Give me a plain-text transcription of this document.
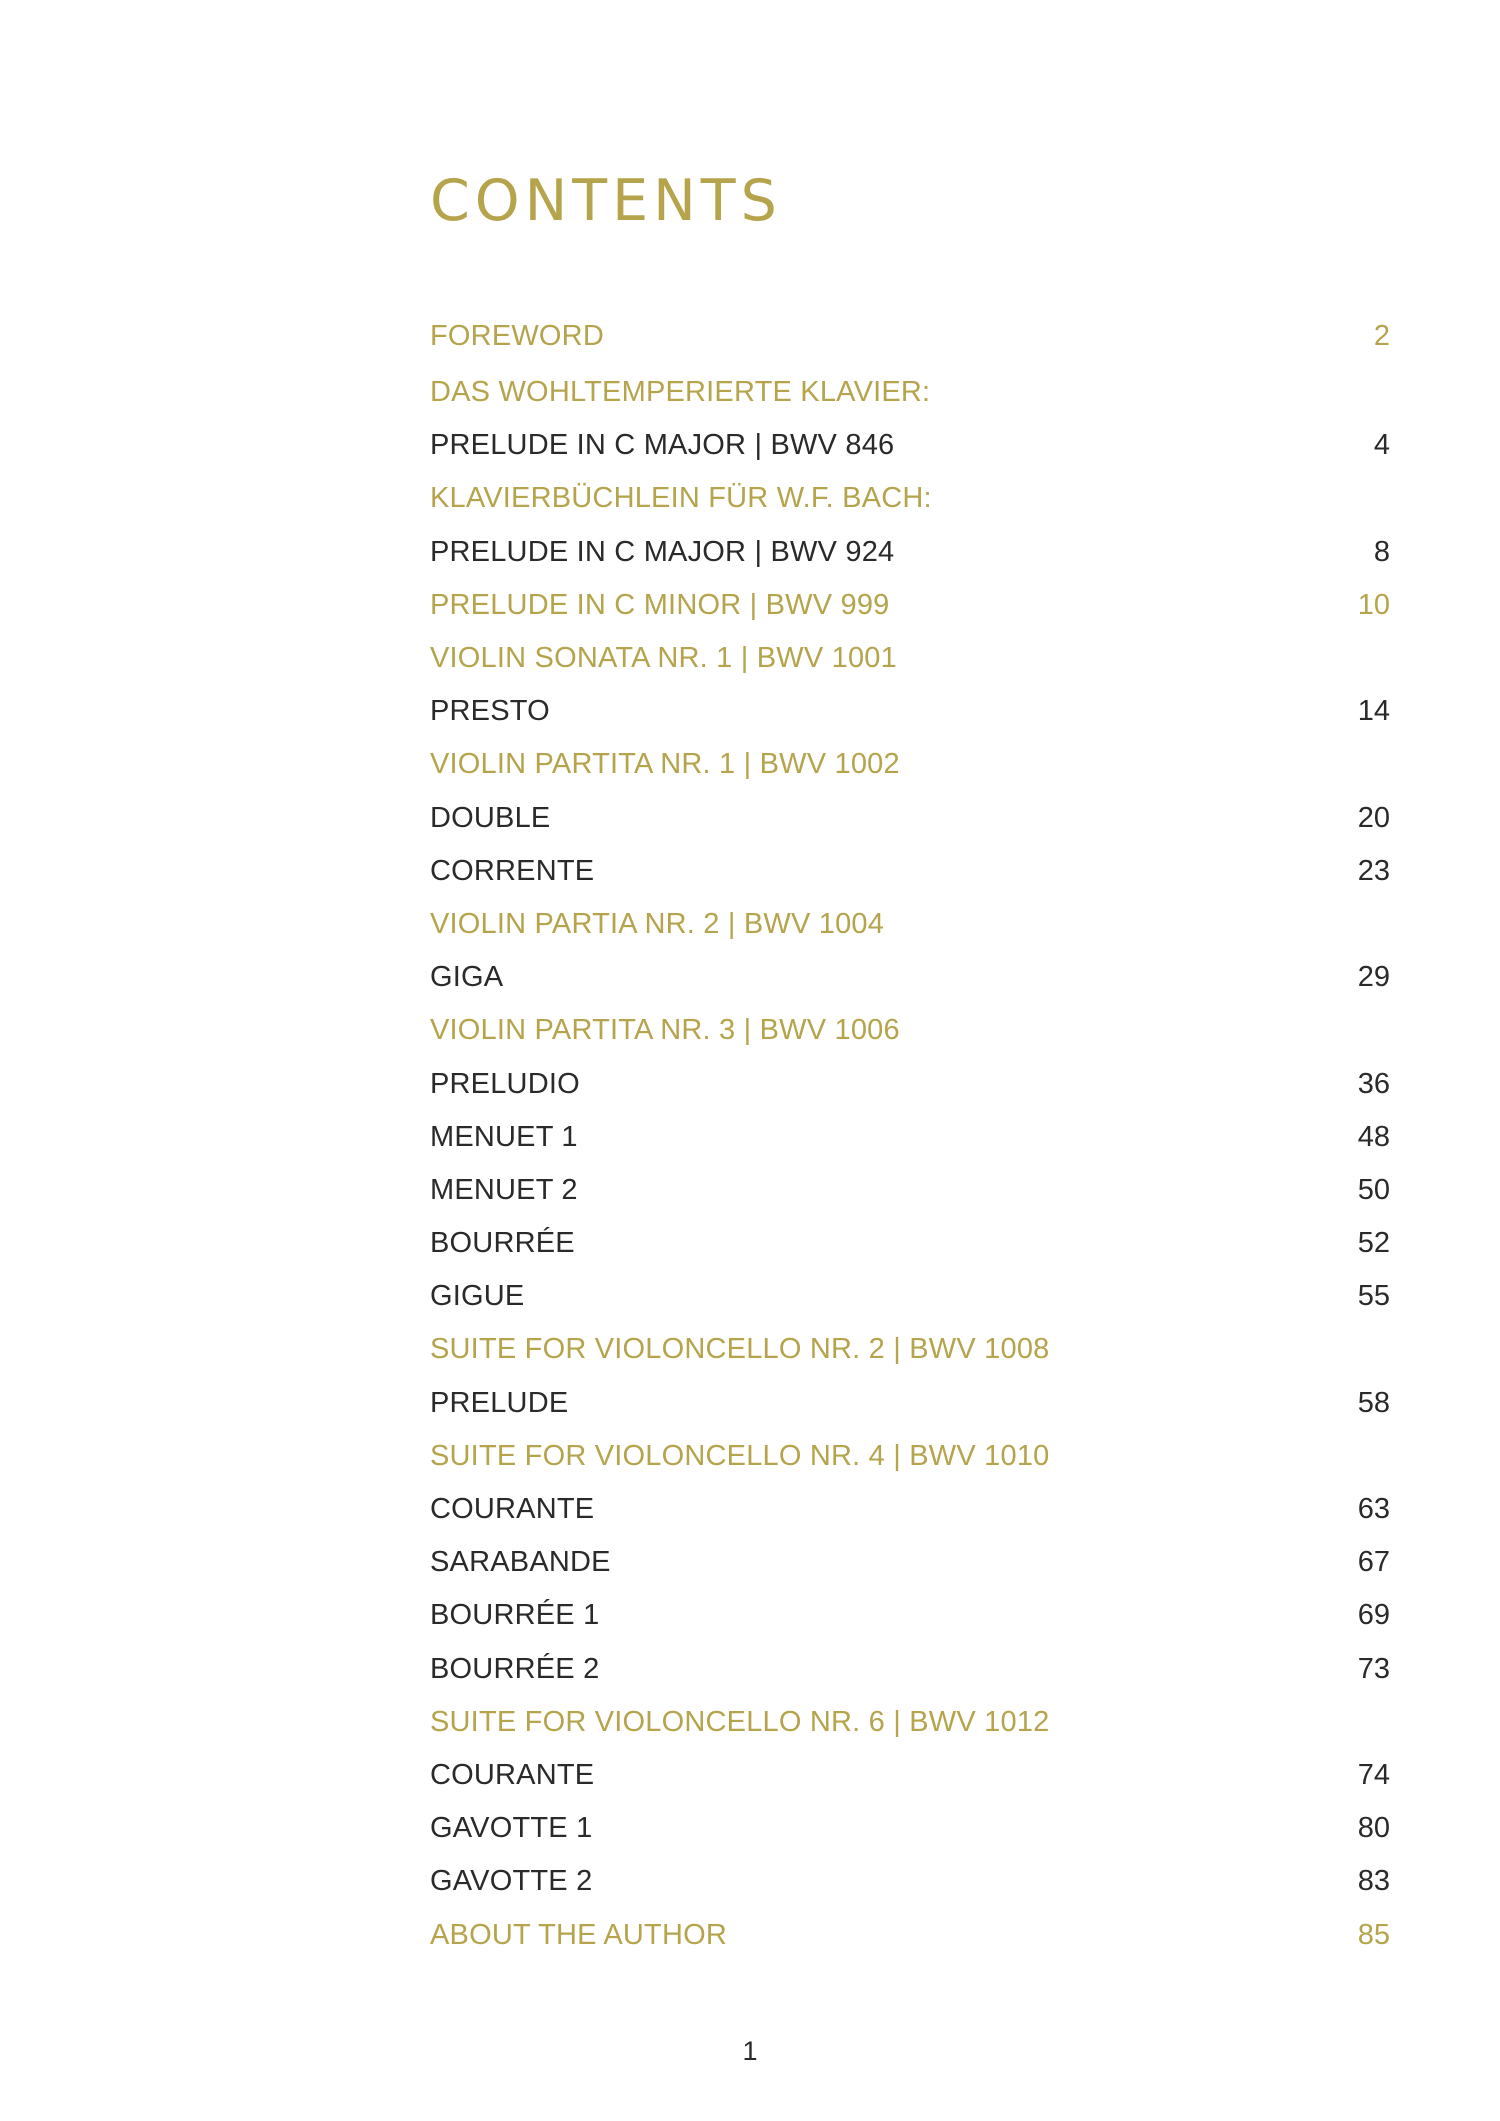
CONTENTS
FOREWORD	2
DAS WOHLTEMPERIERTE KLAVIER:
PRELUDE IN C MAJOR | BWV 846	4
KLAVIERBÜCHLEIN FÜR W.F. BACH:
PRELUDE IN C MAJOR | BWV 924	8
PRELUDE IN C MINOR | BWV 999	10
VIOLIN SONATA NR. 1 | BWV 1001
PRESTO	14
VIOLIN PARTITA NR. 1 | BWV 1002
DOUBLE	20
CORRENTE	23
VIOLIN PARTIA NR. 2 | BWV 1004
GIGA	29
VIOLIN PARTITA NR. 3 | BWV 1006
PRELUDIO	36
MENUET 1	48
MENUET 2	50
BOURRÉE	52
GIGUE	55
SUITE FOR VIOLONCELLO NR. 2 | BWV 1008
PRELUDE	58
SUITE FOR VIOLONCELLO NR. 4 | BWV 1010
COURANTE	63
SARABANDE	67
BOURRÉE 1	69
BOURRÉE 2	73
SUITE FOR VIOLONCELLO NR. 6 | BWV 1012
COURANTE	74
GAVOTTE 1	80
GAVOTTE 2	83
ABOUT THE AUTHOR	85
1
